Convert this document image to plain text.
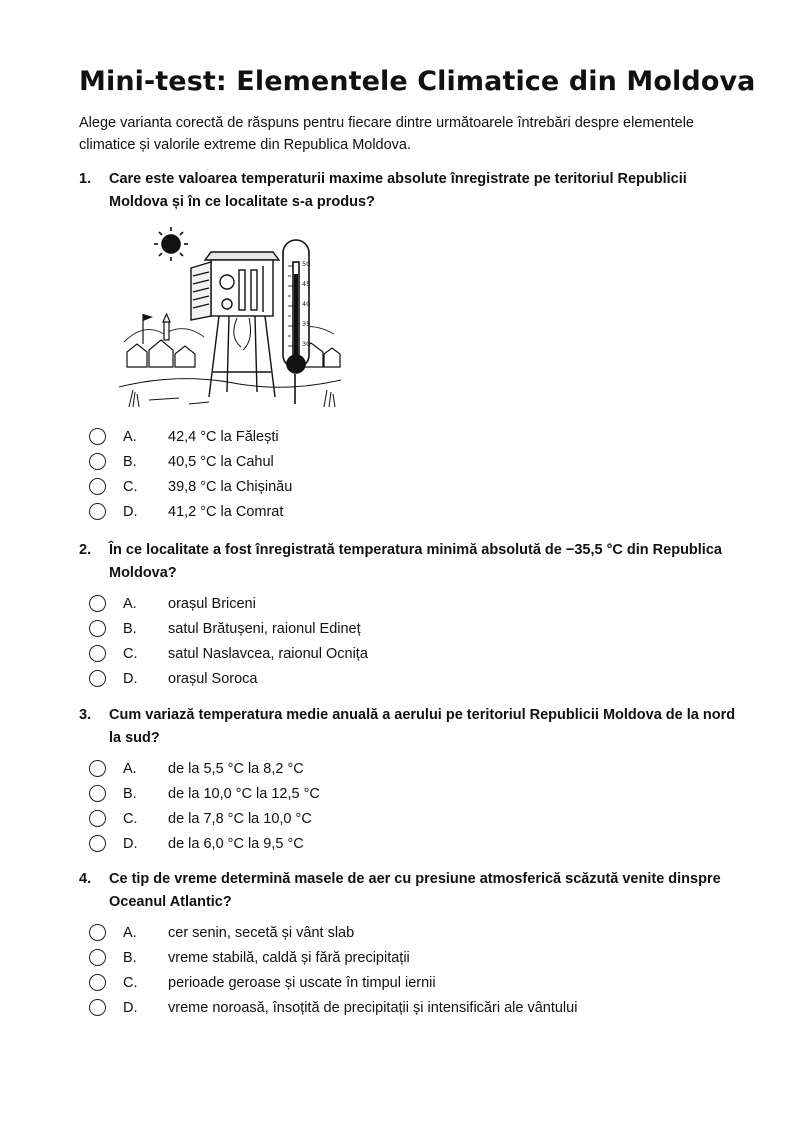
Mini-test: Elementele Climatice din Moldova

Alege varianta corectă de răspuns pentru fiecare dintre următoarele întrebări despre elementele climatice și valorile extreme din Republica Moldova.

1.	Care este valoarea temperaturii maxime absolute înregistrate pe teritoriul Republicii Moldova și în ce localitate s-a produs?
50
45
40
35
30
A.	42,4 °C la Fălești
B.	40,5 °C la Cahul
C.	39,8 °C la Chișinău
D.	41,2 °C la Comrat
2.	În ce localitate a fost înregistrată temperatura minimă absolută de −35,5 °C din Republica Moldova?
A.	orașul Briceni
B.	satul Brătușeni, raionul Edineț
C.	satul Naslavcea, raionul Ocnița
D.	orașul Soroca
3.	Cum variază temperatura medie anuală a aerului pe teritoriul Republicii Moldova de la nord la sud?
A.	de la 5,5 °C la 8,2 °C
B.	de la 10,0 °C la 12,5 °C
C.	de la 7,8 °C la 10,0 °C
D.	de la 6,0 °C la 9,5 °C
4.	Ce tip de vreme determină masele de aer cu presiune atmosferică scăzută venite dinspre Oceanul Atlantic?
A.	cer senin, secetă și vânt slab
B.	vreme stabilă, caldă și fără precipitații
C.	perioade geroase și uscate în timpul iernii
D.	vreme noroasă, însoțită de precipitații și intensificări ale vântului
